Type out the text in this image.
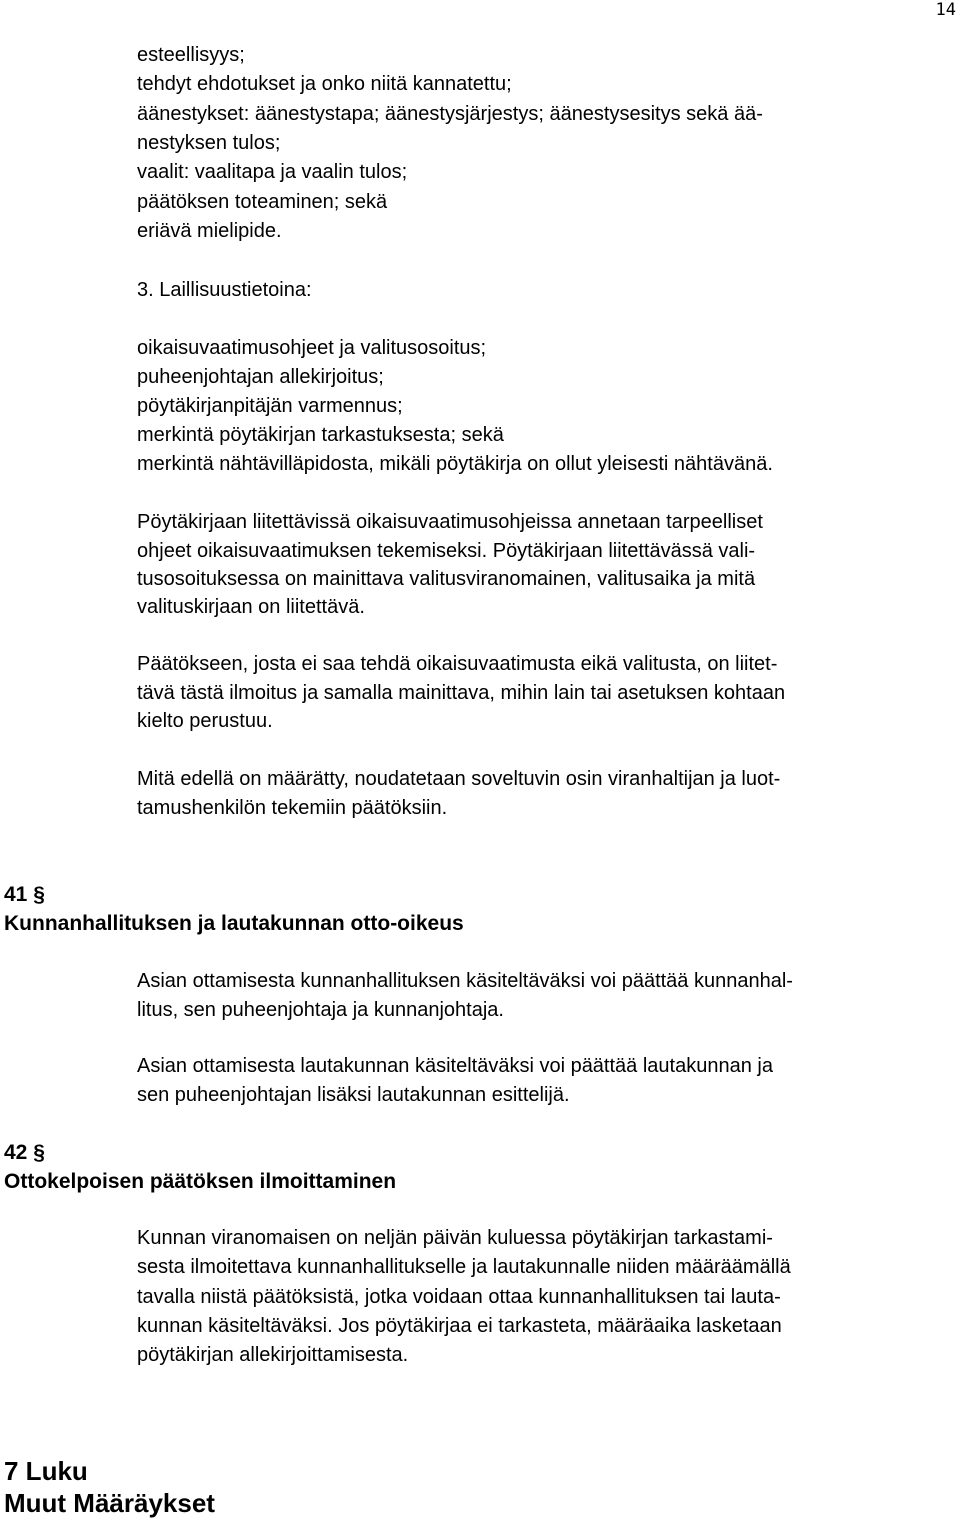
14
esteellisyys;
tehdyt ehdotukset ja onko niitä kannatettu;
äänestykset: äänestystapa; äänestysjärjestys; äänestysesitys sekä ää-
nestyksen tulos;
vaalit: vaalitapa ja vaalin tulos;
päätöksen toteaminen; sekä
eriävä mielipide.
3. Laillisuustietoina:
oikaisuvaatimusohjeet ja valitusosoitus;
puheenjohtajan allekirjoitus;
pöytäkirjanpitäjän varmennus;
merkintä pöytäkirjan tarkastuksesta; sekä
merkintä nähtävilläpidosta, mikäli pöytäkirja on ollut yleisesti nähtävänä.
Pöytäkirjaan liitettävissä oikaisuvaatimusohjeissa annetaan tarpeelliset
ohjeet oikaisuvaatimuksen tekemiseksi. Pöytäkirjaan liitettävässä vali-
tusosoituksessa on mainittava valitusviranomainen, valitusaika ja mitä
valituskirjaan on liitettävä.
Päätökseen, josta ei saa tehdä oikaisuvaatimusta eikä valitusta, on liitet-
tävä tästä ilmoitus ja samalla mainittava, mihin lain tai asetuksen kohtaan
kielto perustuu.
Mitä edellä on määrätty, noudatetaan soveltuvin osin viranhaltijan ja luot-
tamushenkilön tekemiin päätöksiin.
41 §
Kunnanhallituksen ja lautakunnan otto-oikeus
Asian ottamisesta kunnanhallituksen käsiteltäväksi voi päättää kunnanhal-
litus, sen puheenjohtaja ja kunnanjohtaja.
Asian ottamisesta lautakunnan käsiteltäväksi voi päättää lautakunnan ja
sen puheenjohtajan lisäksi lautakunnan esittelijä.
42 §
Ottokelpoisen päätöksen ilmoittaminen
Kunnan viranomaisen on neljän päivän kuluessa pöytäkirjan tarkastami-
sesta ilmoitettava kunnanhallitukselle ja lautakunnalle niiden määräämällä
tavalla niistä päätöksistä, jotka voidaan ottaa kunnanhallituksen tai lauta-
kunnan käsiteltäväksi. Jos pöytäkirjaa ei tarkasteta, määräaika lasketaan
pöytäkirjan allekirjoittamisesta.
7 Luku
Muut Määräykset
